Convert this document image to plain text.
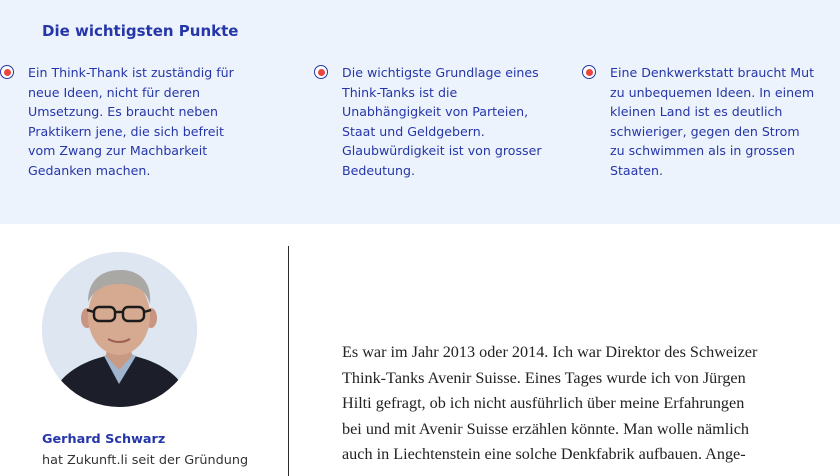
Die wichtigsten Punkte
Die wichtigste Grundlage eines Think-Tanks ist die Unabhängigkeit von Parteien, Staat und Geldgebern. Glaubwürdigkeit ist von grosser Bedeutung.
Eine Denkwerkstatt braucht Mut zu unbequemen Ideen. In einem kleinen Land ist es deutlich schwieriger, gegen den Strom zu schwimmen als in grossen Staaten.
Ein Think-Thank ist zuständig für neue Ideen, nicht für deren Umsetzung. Es braucht neben Praktikern jene, die sich befreit vom Zwang zur Machbarkeit Gedanken machen.
Gerhard Schwarz
hat Zukunft.li seit der Gründung
Es war im Jahr 2013 oder 2014. Ich war Direktor des Schweizer
Think-Tanks Avenir Suisse. Eines Tages wurde ich von Jürgen
Hilti gefragt, ob ich nicht ausführlich über meine Erfahrungen
bei und mit Avenir Suisse erzählen könnte. Man wolle nämlich
auch in Liechtenstein eine solche Denkfabrik aufbauen. Ange-
